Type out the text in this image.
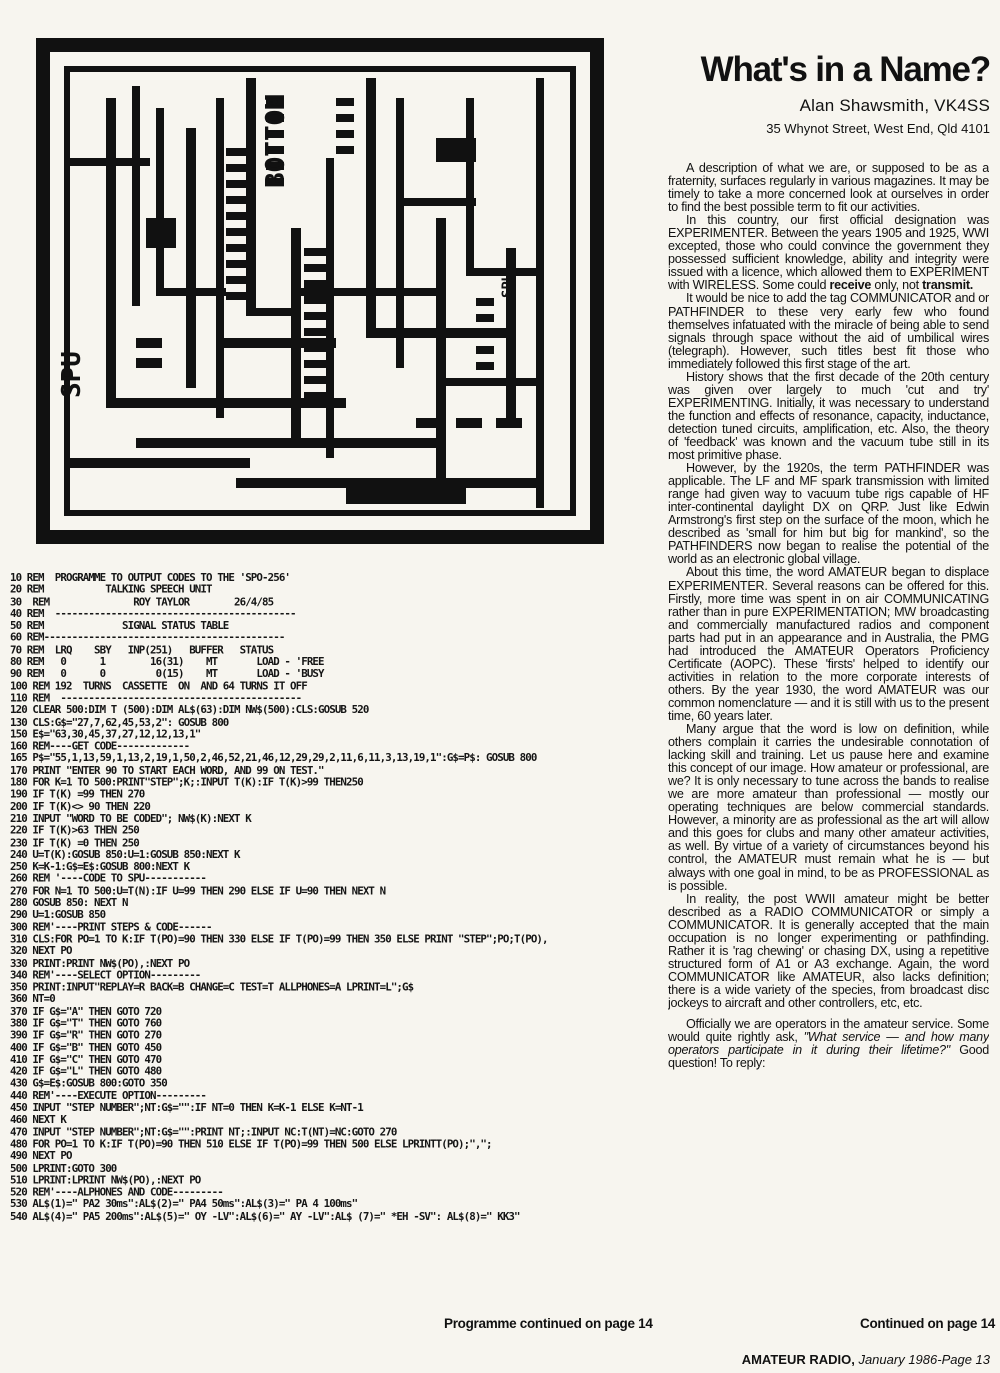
BOTTOM
SPU
SPU
10 REM  PROGRAMME TO OUTPUT CODES TO THE 'SPO-256'
20 REM           TALKING SPEECH UNIT
30  REM               ROY TAYLOR        26/4/85
40 REM  -------------------------------------------
50 REM              SIGNAL STATUS TABLE
60 REM-------------------------------------------
70 REM  LRQ    SBY   INP(251)   BUFFER   STATUS
80 REM   0      1        16(31)    MT       LOAD - 'FREE
90 REM   0      0         0(15)    MT       LOAD - 'BUSY
100 REM 192  TURNS  CASSETTE  ON  AND 64 TURNS IT OFF
110 REM  -------------------------------------------
120 CLEAR 500:DIM T (500):DIM AL$(63):DIM NW$(500):CLS:GOSUB 520
130 CLS:G$="27,7,62,45,53,2": GOSUB 800
150 E$="63,30,45,37,27,12,12,13,1"
160 REM----GET CODE-------------
165 P$="55,1,13,59,1,13,2,19,1,50,2,46,52,21,46,12,29,29,2,11,6,11,3,13,19,1":G$=P$: GOSUB 800
170 PRINT "ENTER 90 TO START EACH WORD, AND 99 ON TEST."
180 FOR K=1 TO 500:PRINT"STEP";K;:INPUT T(K):IF T(K)>99 THEN250
190 IF T(K) =99 THEN 270
200 IF T(K)<> 90 THEN 220
210 INPUT "WORD TO BE CODED"; NW$(K):NEXT K
220 IF T(K)>63 THEN 250
230 IF T(K) =0 THEN 250
240 U=T(K):GOSUB 850:U=1:GOSUB 850:NEXT K
250 K=K-1:G$=E$:GOSUB 800:NEXT K
260 REM '----CODE TO SPU-----------
270 FOR N=1 TO 500:U=T(N):IF U=99 THEN 290 ELSE IF U=90 THEN NEXT N
280 GOSUB 850: NEXT N
290 U=1:GOSUB 850
300 REM'----PRINT STEPS & CODE------
310 CLS:FOR PO=1 TO K:IF T(PO)=90 THEN 330 ELSE IF T(PO)=99 THEN 350 ELSE PRINT "STEP";PO;T(PO),
320 NEXT PO
330 PRINT:PRINT NW$(PO),:NEXT PO
340 REM'----SELECT OPTION---------
350 PRINT:INPUT"REPLAY=R BACK=B CHANGE=C TEST=T ALLPHONES=A LPRINT=L";G$
360 NT=0
370 IF G$="A" THEN GOTO 720
380 IF G$="T" THEN GOTO 760
390 IF G$="R" THEN GOTO 270
400 IF G$="B" THEN GOTO 450
410 IF G$="C" THEN GOTO 470
420 IF G$="L" THEN GOTO 480
430 G$=E$:GOSUB 800:GOTO 350
440 REM'----EXECUTE OPTION---------
450 INPUT "STEP NUMBER";NT:G$="":IF NT=0 THEN K=K-1 ELSE K=NT-1
460 NEXT K
470 INPUT "STEP NUMBER";NT:G$="":PRINT NT;:INPUT NC:T(NT)=NC:GOTO 270
480 FOR PO=1 TO K:IF T(PO)=90 THEN 510 ELSE IF T(PO)=99 THEN 500 ELSE LPRINTT(PO);",";
490 NEXT PO
500 LPRINT:GOTO 300
510 LPRINT:LPRINT NW$(PO),:NEXT PO
520 REM'----ALPHONES AND CODE---------
530 AL$(1)=" PA2 30ms":AL$(2)=" PA4 50ms":AL$(3)=" PA 4 100ms"
540 AL$(4)=" PA5 200ms":AL$(5)=" OY -LV":AL$(6)=" AY -LV":AL$ (7)=" *EH -SV": AL$(8)=" KK3"
Programme continued on page 14
What's in a Name?
Alan Shawsmith, VK4SS
35 Whynot Street, West End, Qld 4101

A description of what we are, or supposed to be as a fraternity, surfaces regularly in various magazines. It may be timely to take a more concerned look at ourselves in order to find the best possible term to fit our activities.

In this country, our first official designation was EXPERIMENTER. Between the years 1905 and 1925, WWI excepted, those who could convince the government they possessed sufficient knowledge, ability and integrity were issued with a licence, which allowed them to EXPERIMENT with WIRELESS. Some could receive only, not transmit.

It would be nice to add the tag COMMUNICATOR and or PATHFINDER to these very early few who found themselves infatuated with the miracle of being able to send signals through space without the aid of umbilical wires (telegraph). However, such titles best fit those who immediately followed this first stage of the art.

History shows that the first decade of the 20th century was given over largely to much 'cut and try' EXPERIMENTING. Initially, it was necessary to understand the function and effects of resonance, capacity, inductance, detection tuned circuits, amplification, etc. Also, the theory of 'feedback' was known and the vacuum tube still in its most primitive phase.

However, by the 1920s, the term PATHFINDER was applicable. The LF and MF spark transmission with limited range had given way to vacuum tube rigs capable of HF inter-continental daylight DX on QRP. Just like Edwin Armstrong's first step on the surface of the moon, which he described as 'small for him but big for mankind', so the PATHFINDERS now began to realise the potential of the world as an electronic global village.

About this time, the word AMATEUR began to displace EXPERIMENTER. Several reasons can be offered for this. Firstly, more time was spent in on air COMMUNICATING rather than in pure EXPERIMENTATION; MW broadcasting and commercially manufactured radios and component parts had put in an appearance and in Australia, the PMG had introduced the AMATEUR Operators Proficiency Certificate (AOPC). These 'firsts' helped to identify our activities in relation to the more corporate interests of others. By the year 1930, the word AMATEUR was our common nomenclature — and it is still with us to the present time, 60 years later.

Many argue that the word is low on definition, while others complain it carries the undesirable connotation of lacking skill and training. Let us pause here and examine this concept of our image. How amateur or professional, are we? It is only necessary to tune across the bands to realise we are more amateur than professional — mostly our operating techniques are below commercial standards. However, a minority are as professional as the art will allow and this goes for clubs and many other amateur activities, as well. By virtue of a variety of circumstances beyond his control, the AMATEUR must remain what he is — but always with one goal in mind, to be as PROFESSIONAL as is possible.

In reality, the post WWII amateur might be better described as a RADIO COMMUNICATOR or simply a COMMUNICATOR. It is generally accepted that the main occupation is no longer experimenting or pathfinding. Rather it is 'rag chewing' or chasing DX, using a repetitive structured form of A1 or A3 exchange. Again, the word COMMUNICATOR like AMATEUR, also lacks definition; there is a wide variety of the species, from broadcast disc jockeys to aircraft and other controllers, etc, etc.

Officially we are operators in the amateur service. Some would quite rightly ask, "What service — and how many operators participate in it during their lifetime?" Good question! To reply:

Continued on page 14
AMATEUR RADIO, January 1986-Page 13
